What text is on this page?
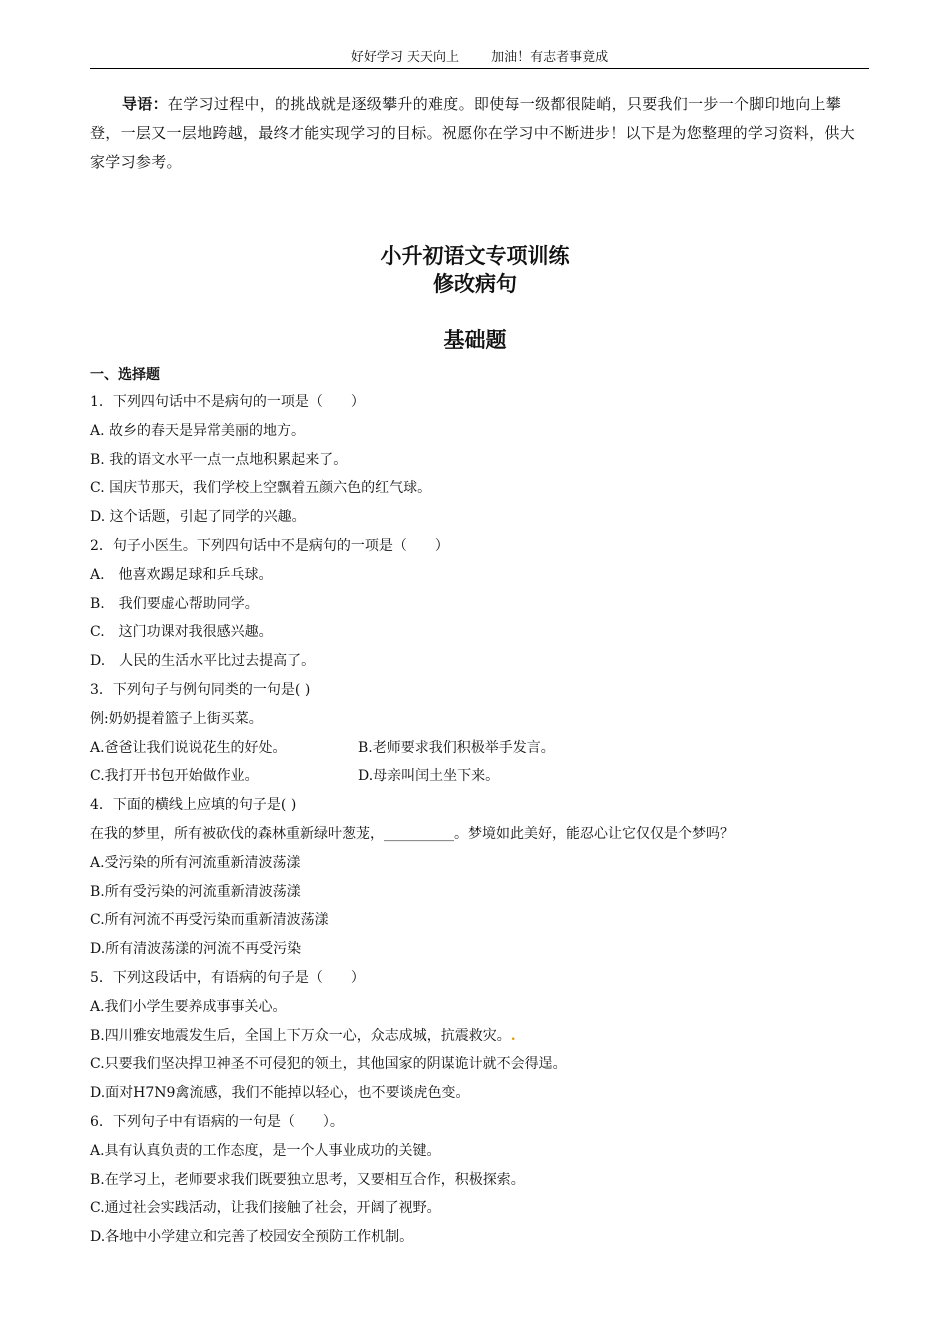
好好学习 天天向上 加油！有志者事竟成
导语：在学习过程中，的挑战就是逐级攀升的难度。即使每一级都很陡峭，只要我们一步一个脚印地向上攀登，一层又一层地跨越，最终才能实现学习的目标。祝愿你在学习中不断进步！以下是为您整理的学习资料，供大家学习参考。
小升初语文专项训练
修改病句
基础题
一、选择题
1．下列四句话中不是病句的一项是（　　）
A. 故乡的春天是异常美丽的地方。
B. 我的语文水平一点一点地积累起来了。
C. 国庆节那天，我们学校上空飘着五颜六色的红气球。
D. 这个话题，引起了同学的兴趣。
2．句子小医生。下列四句话中不是病句的一项是（　　）
A.　他喜欢踢足球和乒乓球。
B.　我们要虚心帮助同学。
C.　这门功课对我很感兴趣。
D.　人民的生活水平比过去提高了。
3．下列句子与例句同类的一句是( )
例:奶奶提着篮子上街买菜。
A.爸爸让我们说说花生的好处。	B.老师要求我们积极举手发言。
C.我打开书包开始做作业。	D.母亲叫闰土坐下来。
4．下面的横线上应填的句子是( )
在我的梦里，所有被砍伐的森林重新绿叶葱茏，__________。梦境如此美好，能忍心让它仅仅是个梦吗？
A.受污染的所有河流重新清波荡漾
B.所有受污染的河流重新清波荡漾
C.所有河流不再受污染而重新清波荡漾
D.所有清波荡漾的河流不再受污染
5．下列这段话中，有语病的句子是（　　）
A.我们小学生要养成事事关心。
B.四川雅安地震发生后，全国上下万众一心，众志成城，抗震救灾。.
C.只要我们坚决捍卫神圣不可侵犯的领土，其他国家的阴谋诡计就不会得逞。
D.面对H7N9禽流感，我们不能掉以轻心，也不要谈虎色变。
6．下列句子中有语病的一句是（　　）。
A.具有认真负责的工作态度，是一个人事业成功的关键。
B.在学习上，老师要求我们既要独立思考，又要相互合作，积极探索。
C.通过社会实践活动，让我们接触了社会，开阔了视野。
D.各地中小学建立和完善了校园安全预防工作机制。
